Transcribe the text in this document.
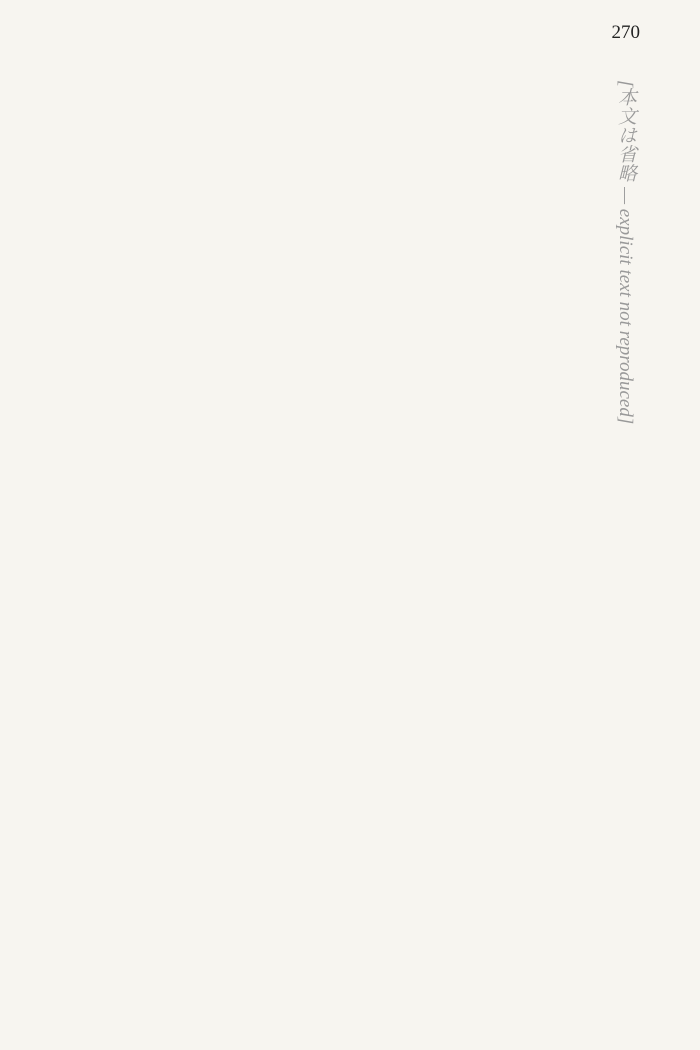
270
[本文は省略 — explicit text not reproduced]
